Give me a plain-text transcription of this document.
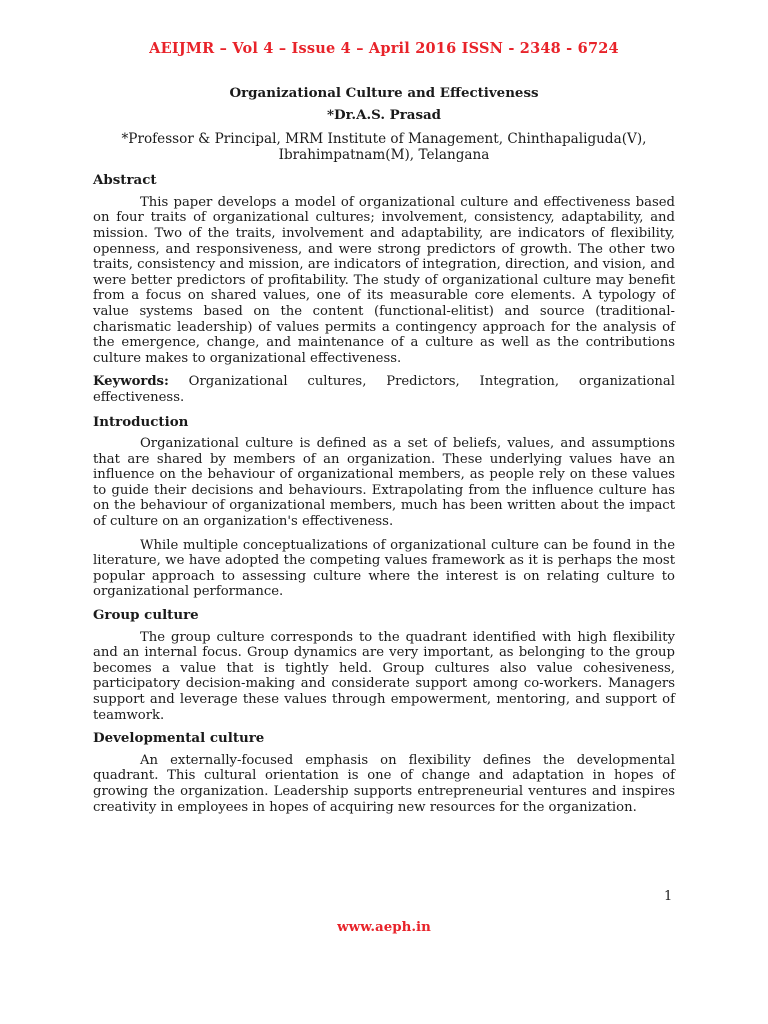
AEIJMR – Vol 4 – Issue 4 – April 2016 ISSN - 2348 - 6724
Organizational Culture and Effectiveness
*Dr.A.S. Prasad
*Professor & Principal, MRM Institute of Management, Chinthapaliguda(V), Ibrahimpatnam(M), Telangana
Abstract

This paper develops a model of organizational culture and effectiveness based on four traits of organizational cultures; involvement, consistency, adaptability, and mission. Two of the traits, involvement and adaptability, are indicators of flexibility, openness, and responsiveness, and were strong predictors of growth. The other two traits, consistency and mission, are indicators of integration, direction, and vision, and were better predictors of profitability. The study of organizational culture may benefit from a focus on shared values, one of its measurable core elements. A typology of value systems based on the content (functional-elitist) and source (traditional-charismatic leadership) of values permits a contingency approach for the analysis of the emergence, change, and maintenance of a culture as well as the contributions culture makes to organizational effectiveness.

Keywords: Organizational cultures, Predictors, Integration, organizational effectiveness.

Introduction

Organizational culture is defined as a set of beliefs, values, and assumptions that are shared by members of an organization. These underlying values have an influence on the behaviour of organizational members, as people rely on these values to guide their decisions and behaviours. Extrapolating from the influence culture has on the behaviour of organizational members, much has been written about the impact of culture on an organization's effectiveness.

While multiple conceptualizations of organizational culture can be found in the literature, we have adopted the competing values framework as it is perhaps the most popular approach to assessing culture where the interest is on relating culture to organizational performance.

Group culture

The group culture corresponds to the quadrant identified with high flexibility and an internal focus. Group dynamics are very important, as belonging to the group becomes a value that is tightly held. Group cultures also value cohesiveness, participatory decision-making and considerate support among co-workers. Managers support and leverage these values through empowerment, mentoring, and support of teamwork.

Developmental culture

An externally-focused emphasis on flexibility defines the developmental quadrant. This cultural orientation is one of change and adaptation in hopes of growing the organization. Leadership supports entrepreneurial ventures and inspires creativity in employees in hopes of acquiring new resources for the organization.

1
www.aeph.in
